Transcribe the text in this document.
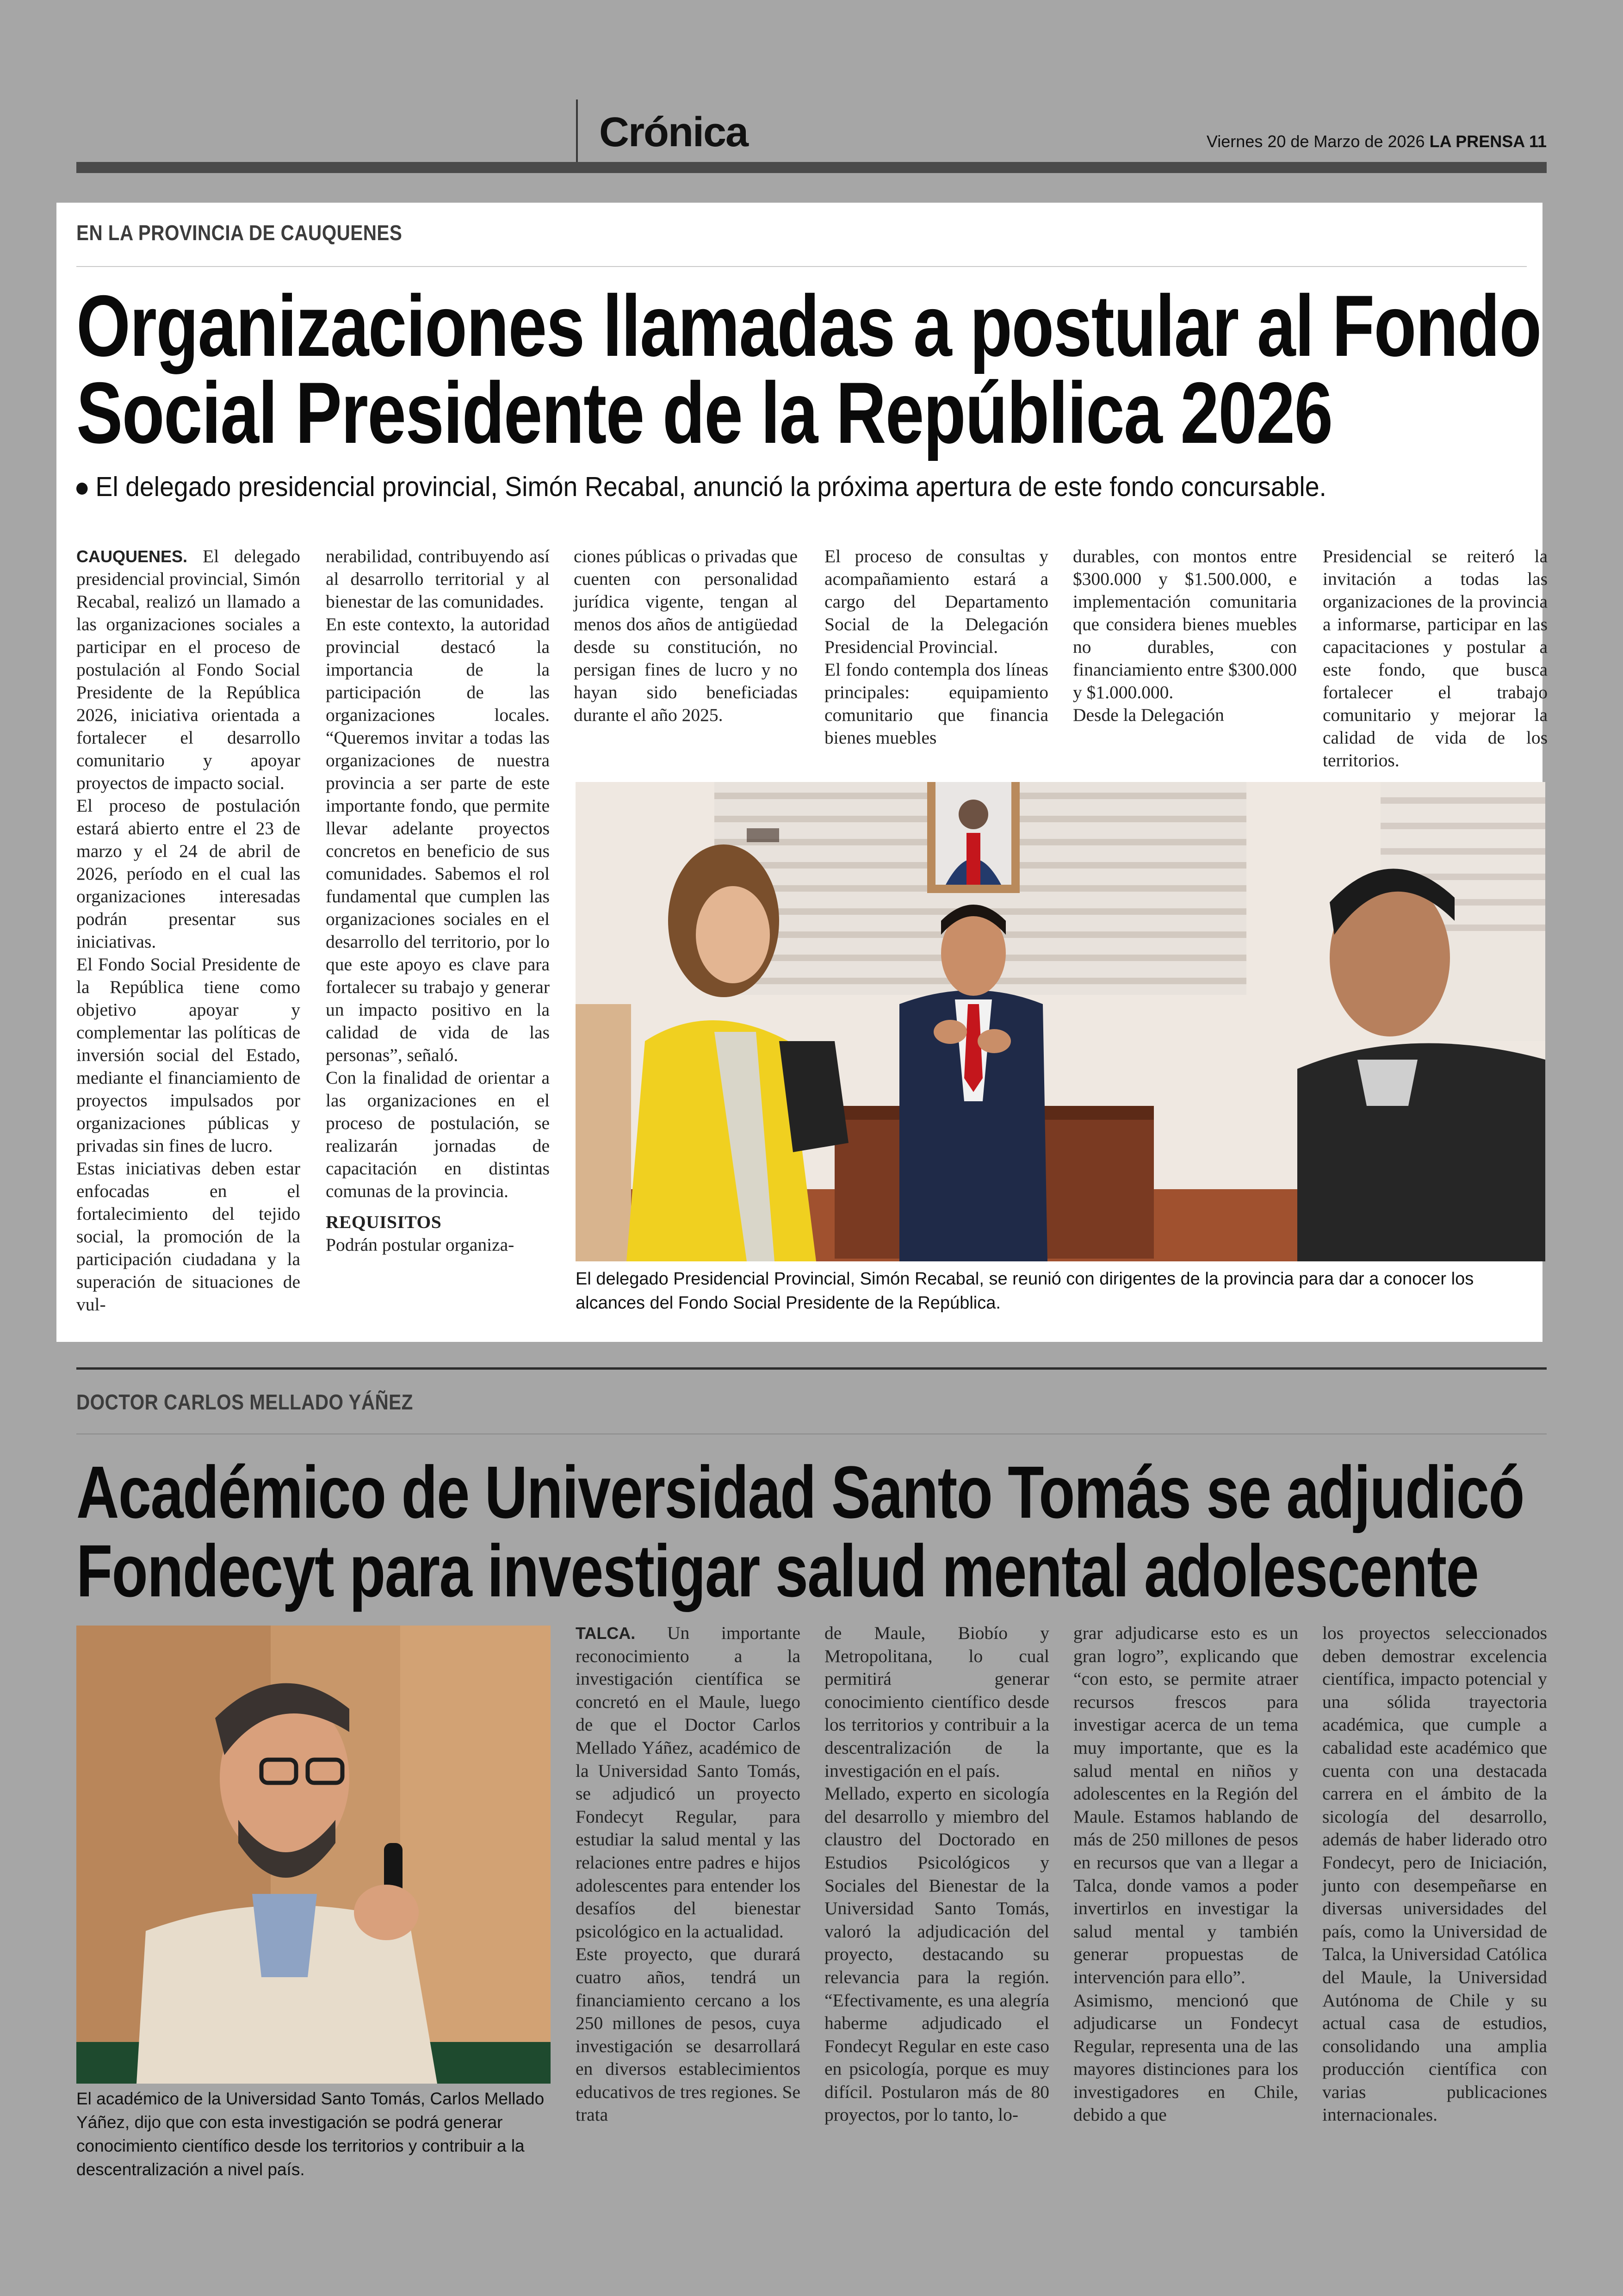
Crónica	Viernes 20 de Marzo de 2026 LA PRENSA 11
EN LA PROVINCIA DE CAUQUENES
Organizaciones llamadas a postular al Fondo
Social Presidente de la República 2026
El delegado presidencial provincial, Simón Recabal, anunció la próxima apertura de este fondo concursable.

CAUQUENES. El delegado presidencial provincial, Simón Recabal, realizó un llamado a las organizaciones sociales a participar en el proceso de postulación al Fondo Social Presidente de la República 2026, iniciativa orientada a fortalecer el desarrollo comunitario y apoyar proyectos de impacto social.

El proceso de postulación estará abierto entre el 23 de marzo y el 24 de abril de 2026, período en el cual las organizaciones interesadas podrán presentar sus iniciativas.

El Fondo Social Presidente de la República tiene como objetivo apoyar y complementar las políticas de inversión social del Estado, mediante el financiamiento de proyectos impulsados por organizaciones públicas y privadas sin fines de lucro.

Estas iniciativas deben estar enfocadas en el fortalecimiento del tejido social, la promoción de la participación ciudadana y la superación de situaciones de vul-

nerabilidad, contribuyendo así al desarrollo territorial y al bienestar de las comunidades.

En este contexto, la autoridad provincial destacó la importancia de la participación de las organizaciones locales. “Queremos invitar a todas las organizaciones de nuestra provincia a ser parte de este importante fondo, que permite llevar adelante proyectos concretos en beneficio de sus comunidades. Sabemos el rol fundamental que cumplen las organizaciones sociales en el desarrollo del territorio, por lo que este apoyo es clave para fortalecer su trabajo y generar un impacto positivo en la calidad de vida de las personas”, señaló.

Con la finalidad de orientar a las organizaciones en el proceso de postulación, se realizarán jornadas de capacitación en distintas comunas de la provincia.

REQUISITOS

Podrán postular organiza-

ciones públicas o privadas que cuenten con personalidad jurídica vigente, tengan al menos dos años de antigüedad desde su constitución, no persigan fines de lucro y no hayan sido beneficiadas durante el año 2025.

El proceso de consultas y acompañamiento estará a cargo del Departamento Social de la Delegación Presidencial Provincial.

El fondo contempla dos líneas principales: equipamiento comunitario que financia bienes muebles

durables, con montos entre $300.000 y $1.500.000, e implementación comunitaria que considera bienes muebles no durables, con financiamiento entre $300.000 y $1.000.000.

Desde la Delegación

Presidencial se reiteró la invitación a todas las organizaciones de la provincia a informarse, participar en las capacitaciones y postular a este fondo, que busca fortalecer el trabajo comunitario y mejorar la calidad de vida de los territorios.

El delegado Presidencial Provincial, Simón Recabal, se reunió con dirigentes de la provincia para dar a conocer los alcances del Fondo Social Presidente de la República.
DOCTOR CARLOS MELLADO YÁÑEZ
Académico de Universidad Santo Tomás se adjudicó
Fondecyt para investigar salud mental adolescente
El académico de la Universidad Santo Tomás, Carlos Mellado Yáñez, dijo que con esta investigación se podrá generar conocimiento científico desde los territorios y contribuir a la descentralización a nivel país.

TALCA. Un importante reconocimiento a la investigación científica se concretó en el Maule, luego de que el Doctor Carlos Mellado Yáñez, académico de la Universidad Santo Tomás, se adjudicó un proyecto Fondecyt Regular, para estudiar la salud mental y las relaciones entre padres e hijos adolescentes para entender los desafíos del bienestar psicológico en la actualidad.

Este proyecto, que durará cuatro años, tendrá un financiamiento cercano a los 250 millones de pesos, cuya investigación se desarrollará en diversos establecimientos educativos de tres regiones. Se trata

de Maule, Biobío y Metropolitana, lo cual permitirá generar conocimiento científico desde los territorios y contribuir a la descentralización de la investigación en el país.

Mellado, experto en sicología del desarrollo y miembro del claustro del Doctorado en Estudios Psicológicos y Sociales del Bienestar de la Universidad Santo Tomás, valoró la adjudicación del proyecto, destacando su relevancia para la región. “Efectivamente, es una alegría haberme adjudicado el Fondecyt Regular en este caso en psicología, porque es muy difícil. Postularon más de 80 proyectos, por lo tanto, lo-

grar adjudicarse esto es un gran logro”, explicando que “con esto, se permite atraer recursos frescos para investigar acerca de un tema muy importante, que es la salud mental en niños y adolescentes en la Región del Maule. Estamos hablando de más de 250 millones de pesos en recursos que van a llegar a Talca, donde vamos a poder invertirlos en investigar la salud mental y también generar propuestas de intervención para ello”.

Asimismo, mencionó que adjudicarse un Fondecyt Regular, representa una de las mayores distinciones para los investigadores en Chile, debido a que

los proyectos seleccionados deben demostrar excelencia científica, impacto potencial y una sólida trayectoria académica, que cumple a cabalidad este académico que cuenta con una destacada carrera en el ámbito de la sicología del desarrollo, además de haber liderado otro Fondecyt, pero de Iniciación, junto con desempeñarse en diversas universidades del país, como la Universidad de Talca, la Universidad Católica del Maule, la Universidad Autónoma de Chile y su actual casa de estudios, consolidando una amplia producción científica con varias publicaciones internacionales.
